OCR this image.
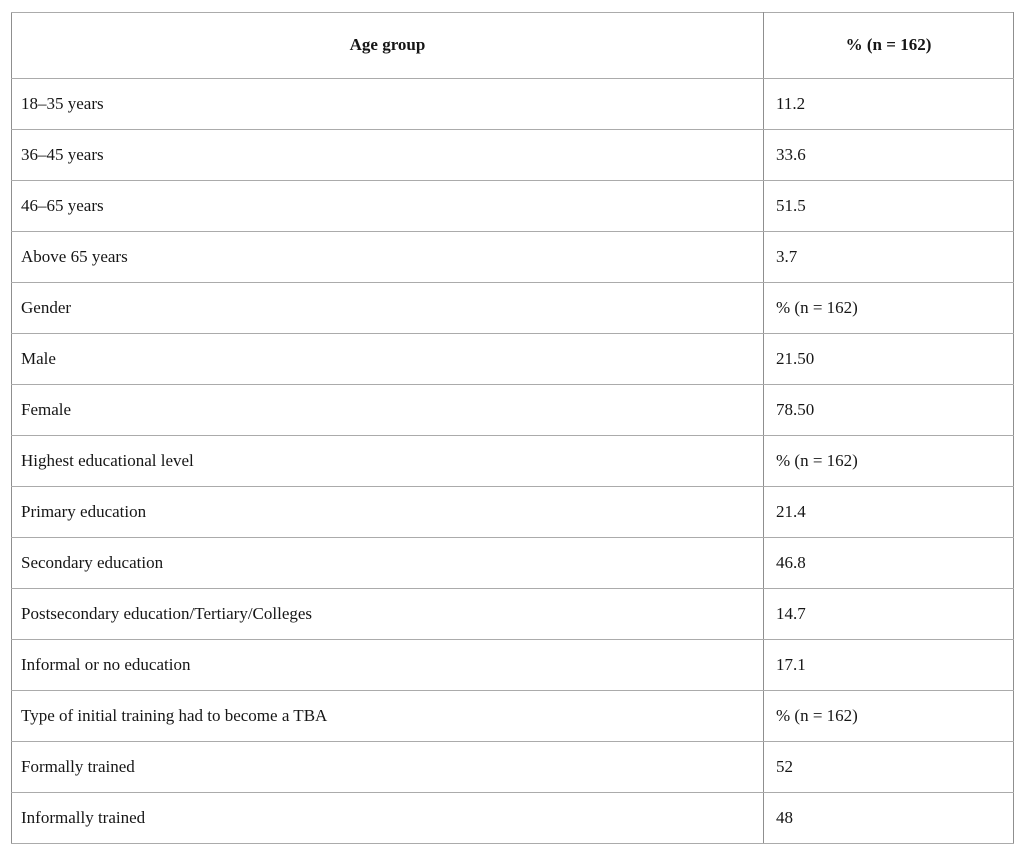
Age group	% (n = 162)
18–35 years	11.2
36–45 years	33.6
46–65 years	51.5
Above 65 years	3.7
Gender	% (n = 162)
Male	21.50
Female	78.50
Highest educational level	% (n = 162)
Primary education	21.4
Secondary education	46.8
Postsecondary education/Tertiary/Colleges	14.7
Informal or no education	17.1
Type of initial training had to become a TBA	% (n = 162)
Formally trained	52
Informally trained	48
